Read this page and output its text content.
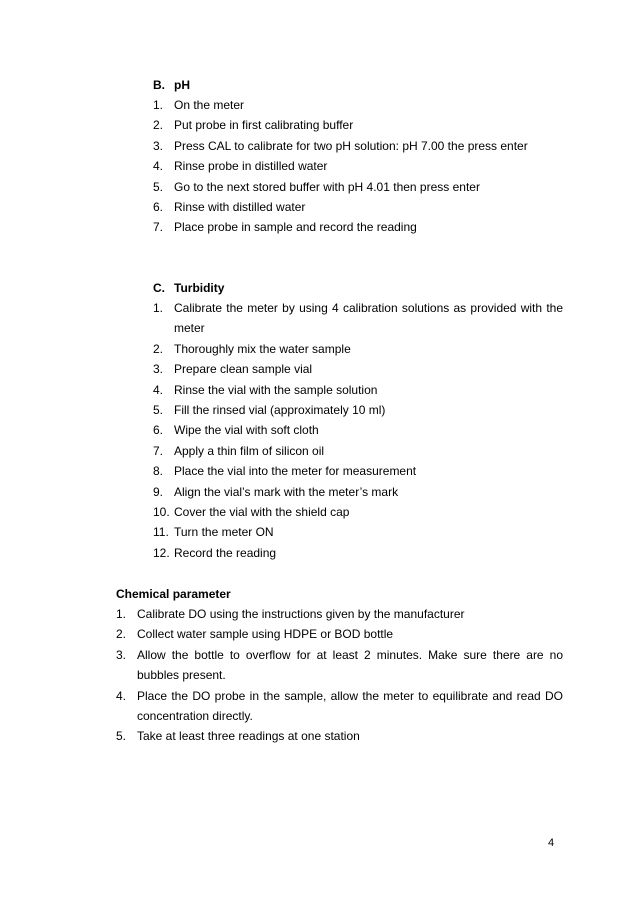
B. pH
1. On the meter
2. Put probe in first calibrating buffer
3. Press CAL to calibrate for two pH solution: pH 7.00 the press enter
4. Rinse probe in distilled water
5. Go to the next stored buffer with pH 4.01 then press enter
6. Rinse with distilled water
7. Place probe in sample and record the reading
C. Turbidity
1. Calibrate the meter by using 4 calibration solutions as provided with the meter
2. Thoroughly mix the water sample
3. Prepare clean sample vial
4. Rinse the vial with the sample solution
5. Fill the rinsed vial (approximately 10 ml)
6. Wipe the vial with soft cloth
7. Apply a thin film of silicon oil
8. Place the vial into the meter for measurement
9. Align the vial’s mark with the meter’s mark
10. Cover the vial with the shield cap
11. Turn the meter ON
12. Record the reading
Chemical parameter
1. Calibrate DO using the instructions given by the manufacturer
2. Collect water sample using HDPE or BOD bottle
3. Allow the bottle to overflow for at least 2 minutes. Make sure there are no bubbles present.
4. Place the DO probe in the sample, allow the meter to equilibrate and read DO concentration directly.
5. Take at least three readings at one station
4
